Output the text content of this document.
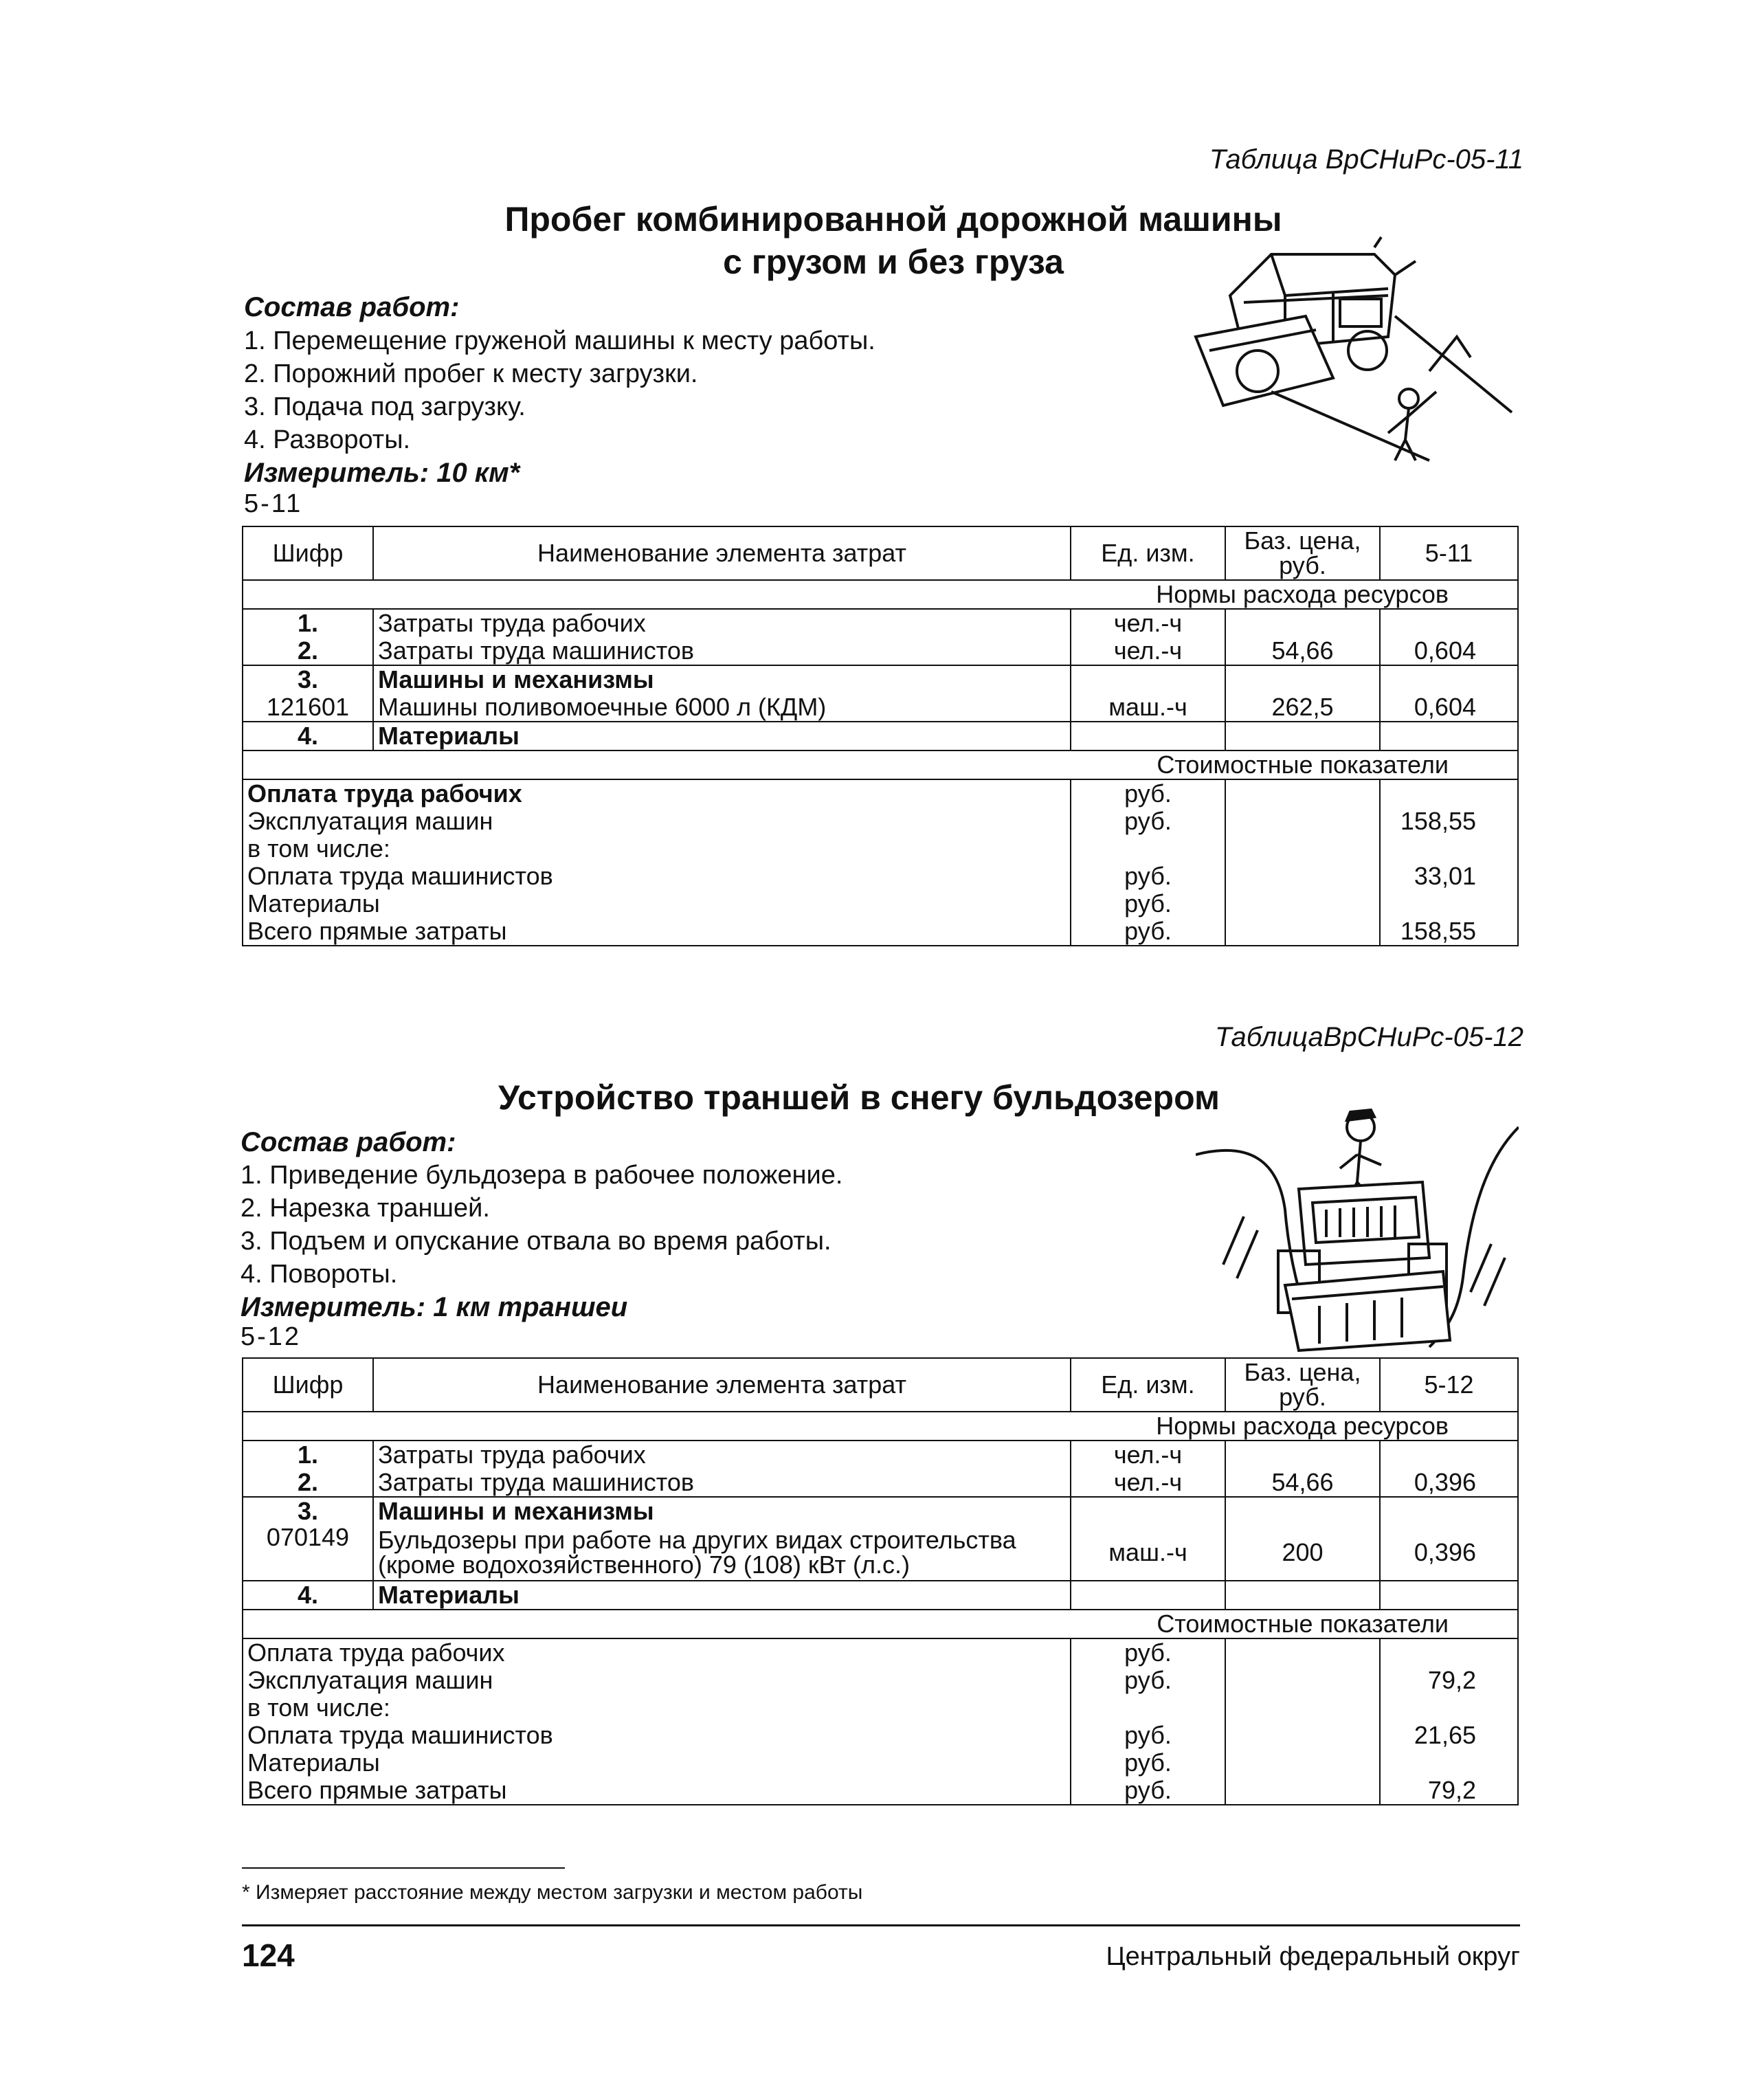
Таблица ВрСНиРс-05-11
Пробег комбинированной дорожной машины
с грузом и без груза
Состав работ:
1. Перемещение груженой машины к месту работы.
2. Порожний пробег к месту загрузки.
3. Подача под загрузку.
4. Развороты.
Измеритель: 10 км*
5-11
Шифр	Наименование элемента затрат	Ед. изм.	Баз. цена, руб.	5-11
Нормы расхода ресурсов				
1.	Затраты труда рабочих	чел.-ч		
2.	Затраты труда машинистов	чел.-ч	54,66	0,604
3.	Машины и механизмы			
121601	Машины поливомоечные 6000 л (КДМ)	маш.-ч	262,5	0,604
4.	Материалы			
Стоимостные показатели				
Оплата труда рабочих		руб.		
Эксплуатация машин		руб.		158,55
в том числе:				
Оплата труда машинистов		руб.		33,01
Материалы		руб.		
Всего прямые затраты		руб.		158,55
ТаблицаВрСНиРс-05-12
Устройство траншей в снегу бульдозером
Состав работ:
1. Приведение бульдозера в рабочее положение.
2. Нарезка траншей.
3. Подъем и опускание отвала во время работы.
4. Повороты.
Измеритель: 1 км траншеи
5-12
Шифр	Наименование элемента затрат	Ед. изм.	Баз. цена, руб.	5-12
Нормы расхода ресурсов				
1.	Затраты труда рабочих	чел.-ч		
2.	Затраты труда машинистов	чел.-ч	54,66	0,396
3.	Машины и механизмы			
070149	Бульдозеры при работе на других видах строительства (кроме водохозяйственного) 79 (108) кВт (л.с.)	маш.-ч	200	0,396
4.	Материалы			
Стоимостные показатели				
Оплата труда рабочих		руб.		
Эксплуатация машин		руб.		79,2
в том числе:				
Оплата труда машинистов		руб.		21,65
Материалы		руб.		
Всего прямые затраты		руб.		79,2
* Измеряет расстояние между местом загрузки и местом работы
124	Центральный федеральный округ
